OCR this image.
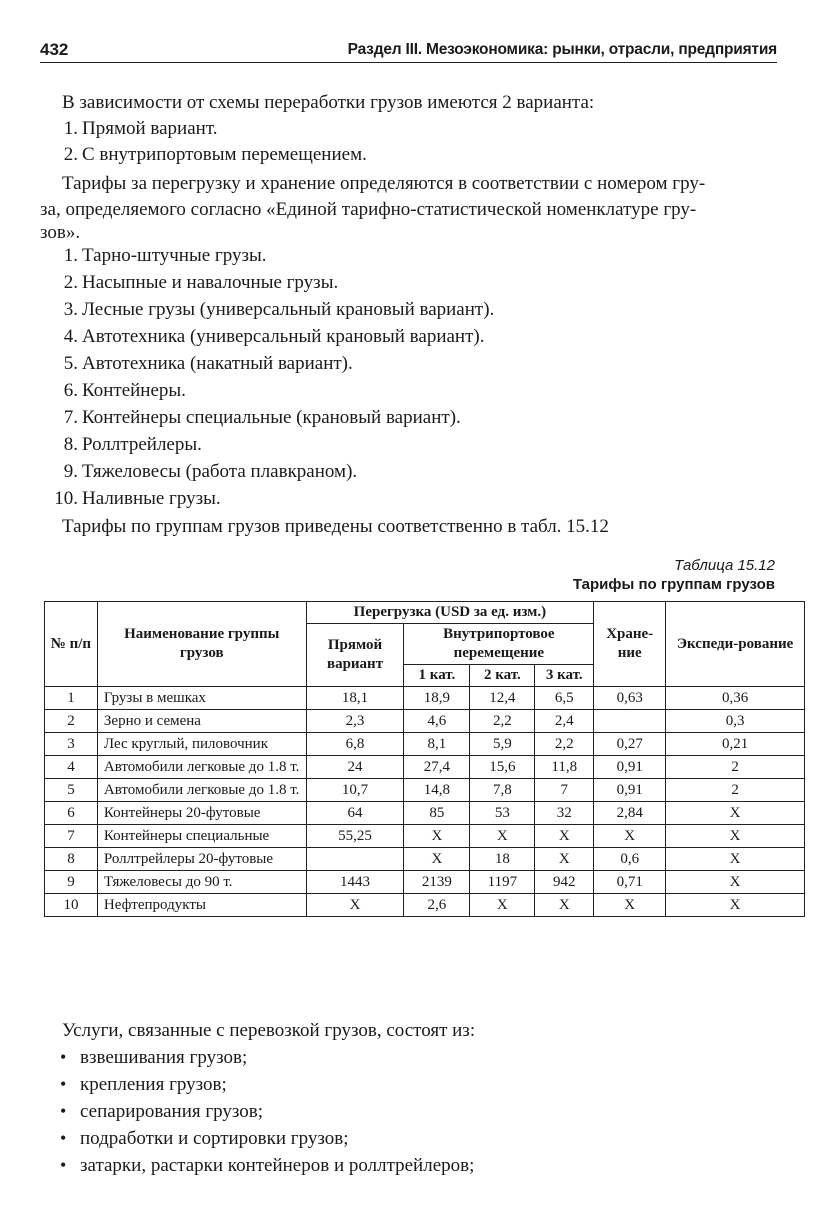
432	Раздел III. Мезоэкономика: рынки, отрасли, предприятия

В зависимости от схемы переработки грузов имеются 2 варианта:

1. Прямой вариант.
2. С внутрипортовым перемещением.
Тарифы за перегрузку и хранение определяются в соответствии с номером гру-
за, определяемого согласно «Единой тарифно-статистической номенклатуре гру-
зов».
1. Тарно-штучные грузы.
2. Насыпные и навалочные грузы.
3. Лесные грузы (универсальный крановый вариант).
4. Автотехника (универсальный крановый вариант).
5. Автотехника (накатный вариант).
6. Контейнеры.
7. Контейнеры специальные (крановый вариант).
8. Роллтрейлеры.
9. Тяжеловесы (работа плавкраном).
10. Наливные грузы.
Тарифы по группам грузов приведены соответственно в табл. 15.12
Таблица 15.12
Тарифы по группам грузов
№ п/п	Наименование группы грузов	Перегрузка (USD за ед. изм.)				Хране-ние	Экспеди-рование
		Прямой вариант	Внутрипортовое перемещение				
			1 кат.	2 кат.	3 кат.		
1	Грузы в мешках	18,1	18,9	12,4	6,5	0,63	0,36
2	Зерно и семена	2,3	4,6	2,2	2,4		0,3
3	Лес круглый, пиловочник	6,8	8,1	5,9	2,2	0,27	0,21
4	Автомобили легковые до 1.8 т.	24	27,4	15,6	11,8	0,91	2
5	Автомобили легковые до 1.8 т.	10,7	14,8	7,8	7	0,91	2
6	Контейнеры 20-футовые	64	85	53	32	2,84	X
7	Контейнеры специальные	55,25	X	X	X	X	X
8	Роллтрейлеры 20-футовые		X	18	X	0,6	X
9	Тяжеловесы до 90 т.	1443	2139	1197	942	0,71	X
10	Нефтепродукты	X	2,6	X	X	X	X
Услуги, связанные с перевозкой грузов, состоят из:
• взвешивания грузов;
• крепления грузов;
• сепарирования грузов;
• подработки и сортировки грузов;
• затарки, растарки контейнеров и роллтрейлеров;
